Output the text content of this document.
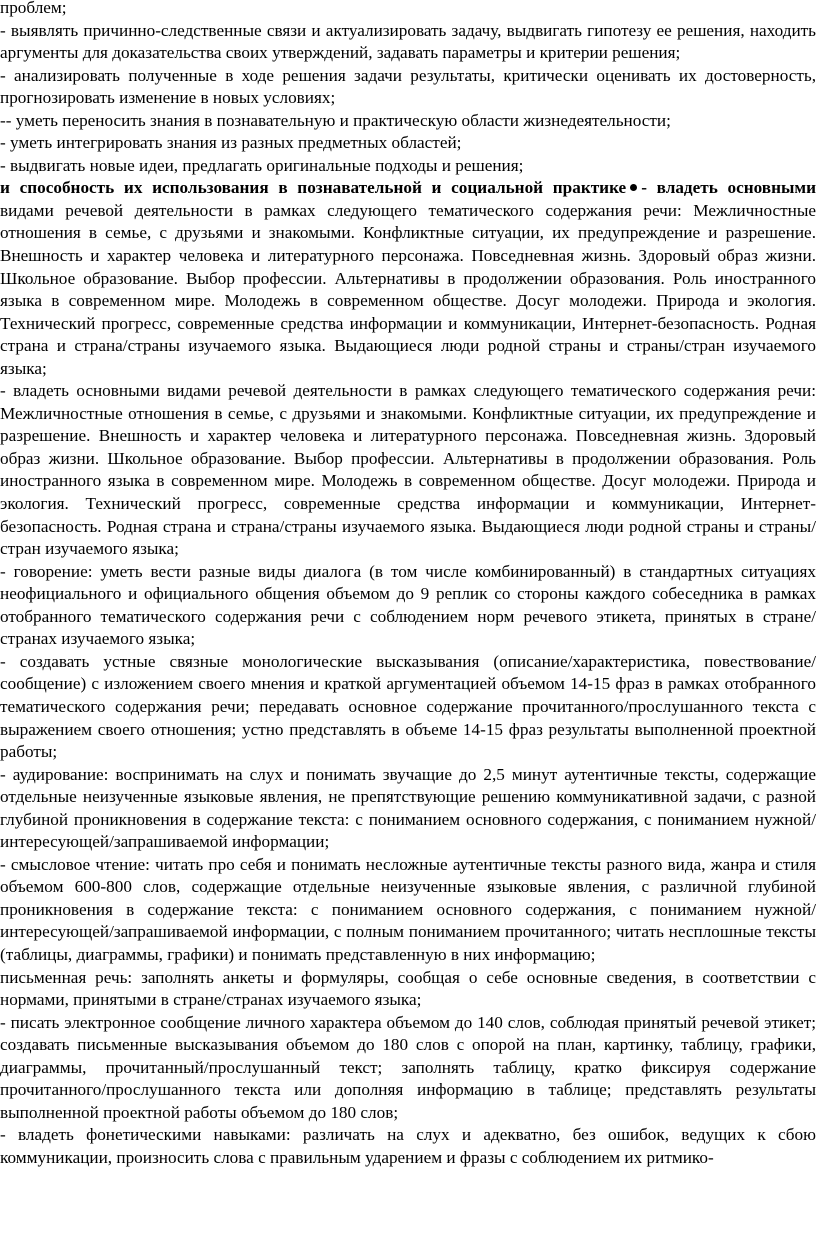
проблем;

- выявлять причинно-следственные связи и актуализировать задачу, выдвигать гипотезу ее решения, находить аргументы для доказательства своих утверждений, задавать параметры и критерии решения;

- анализировать полученные в ходе решения задачи результаты, критически оценивать их достоверность, прогнозировать изменение в новых условиях;

-- уметь переносить знания в познавательную и практическую области жизнедеятельности;

- уметь интегрировать знания из разных предметных областей;

- выдвигать новые идеи, предлагать оригинальные подходы и решения;

и способность их использования в познавательной и социальной практике - владеть основными видами речевой деятельности в рамках следующего тематического содержания речи: Межличностные отношения в семье, с друзьями и знакомыми. Конфликтные ситуации, их предупреждение и разрешение. Внешность и характер человека и литературного персонажа. Повседневная жизнь. Здоровый образ жизни. Школьное образование. Выбор профессии. Альтернативы в продолжении образования. Роль иностранного языка в современном мире. Молодежь в современном обществе. Досуг молодежи. Природа и экология. Технический прогресс, современные средства информации и коммуникации, Интернет-безопасность. Родная страна и страна/страны изучаемого языка. Выдающиеся люди родной страны и страны/стран изучаемого языка;

- владеть основными видами речевой деятельности в рамках следующего тематического содержания речи: Межличностные отношения в семье, с друзьями и знакомыми. Конфликтные ситуации, их предупреждение и разрешение. Внешность и характер человека и литературного персонажа. Повседневная жизнь. Здоровый образ жизни. Школьное образование. Выбор профессии. Альтернативы в продолжении образования. Роль иностранного языка в современном мире. Молодежь в современном обществе. Досуг молодежи. Природа и экология. Технический прогресс, современные средства информации и коммуникации, Интернет-безопасность. Родная страна и страна/страны изучаемого языка. Выдающиеся люди родной страны и страны/стран изучаемого языка;

- говорение: уметь вести разные виды диалога (в том числе комбинированный) в стандартных ситуациях неофициального и официального общения объемом до 9 реплик со стороны каждого собеседника в рамках отобранного тематического содержания речи с соблюдением норм речевого этикета, принятых в стране/странах изучаемого языка;

- создавать устные связные монологические высказывания (описание/характеристика, повествование/сообщение) с изложением своего мнения и краткой аргументацией объемом 14-15 фраз в рамках отобранного тематического содержания речи; передавать основное содержание прочитанного/прослушанного текста с выражением своего отношения; устно представлять в объеме 14-15 фраз результаты выполненной проектной работы;

- аудирование: воспринимать на слух и понимать звучащие до 2,5 минут аутентичные тексты, содержащие отдельные неизученные языковые явления, не препятствующие решению коммуникативной задачи, с разной глубиной проникновения в содержание текста: с пониманием основного содержания, с пониманием нужной/интересующей/запрашиваемой информации;

- смысловое чтение: читать про себя и понимать несложные аутентичные тексты разного вида, жанра и стиля объемом 600-800 слов, содержащие отдельные неизученные языковые явления, с различной глубиной проникновения в содержание текста: с пониманием основного содержания, с пониманием нужной/интересующей/запрашиваемой информации, с полным пониманием прочитанного; читать несплошные тексты (таблицы, диаграммы, графики) и понимать представленную в них информацию;

письменная речь: заполнять анкеты и формуляры, сообщая о себе основные сведения, в соответствии с нормами, принятыми в стране/странах изучаемого языка;

- писать электронное сообщение личного характера объемом до 140 слов, соблюдая принятый речевой этикет; создавать письменные высказывания объемом до 180 слов с опорой на план, картинку, таблицу, графики, диаграммы, прочитанный/прослушанный текст; заполнять таблицу, кратко фиксируя содержание прочитанного/прослушанного текста или дополняя информацию в таблице; представлять результаты выполненной проектной работы объемом до 180 слов;

- владеть фонетическими навыками: различать на слух и адекватно, без ошибок, ведущих к сбою коммуникации, произносить слова с правильным ударением и фразы с соблюдением их ритмико-
